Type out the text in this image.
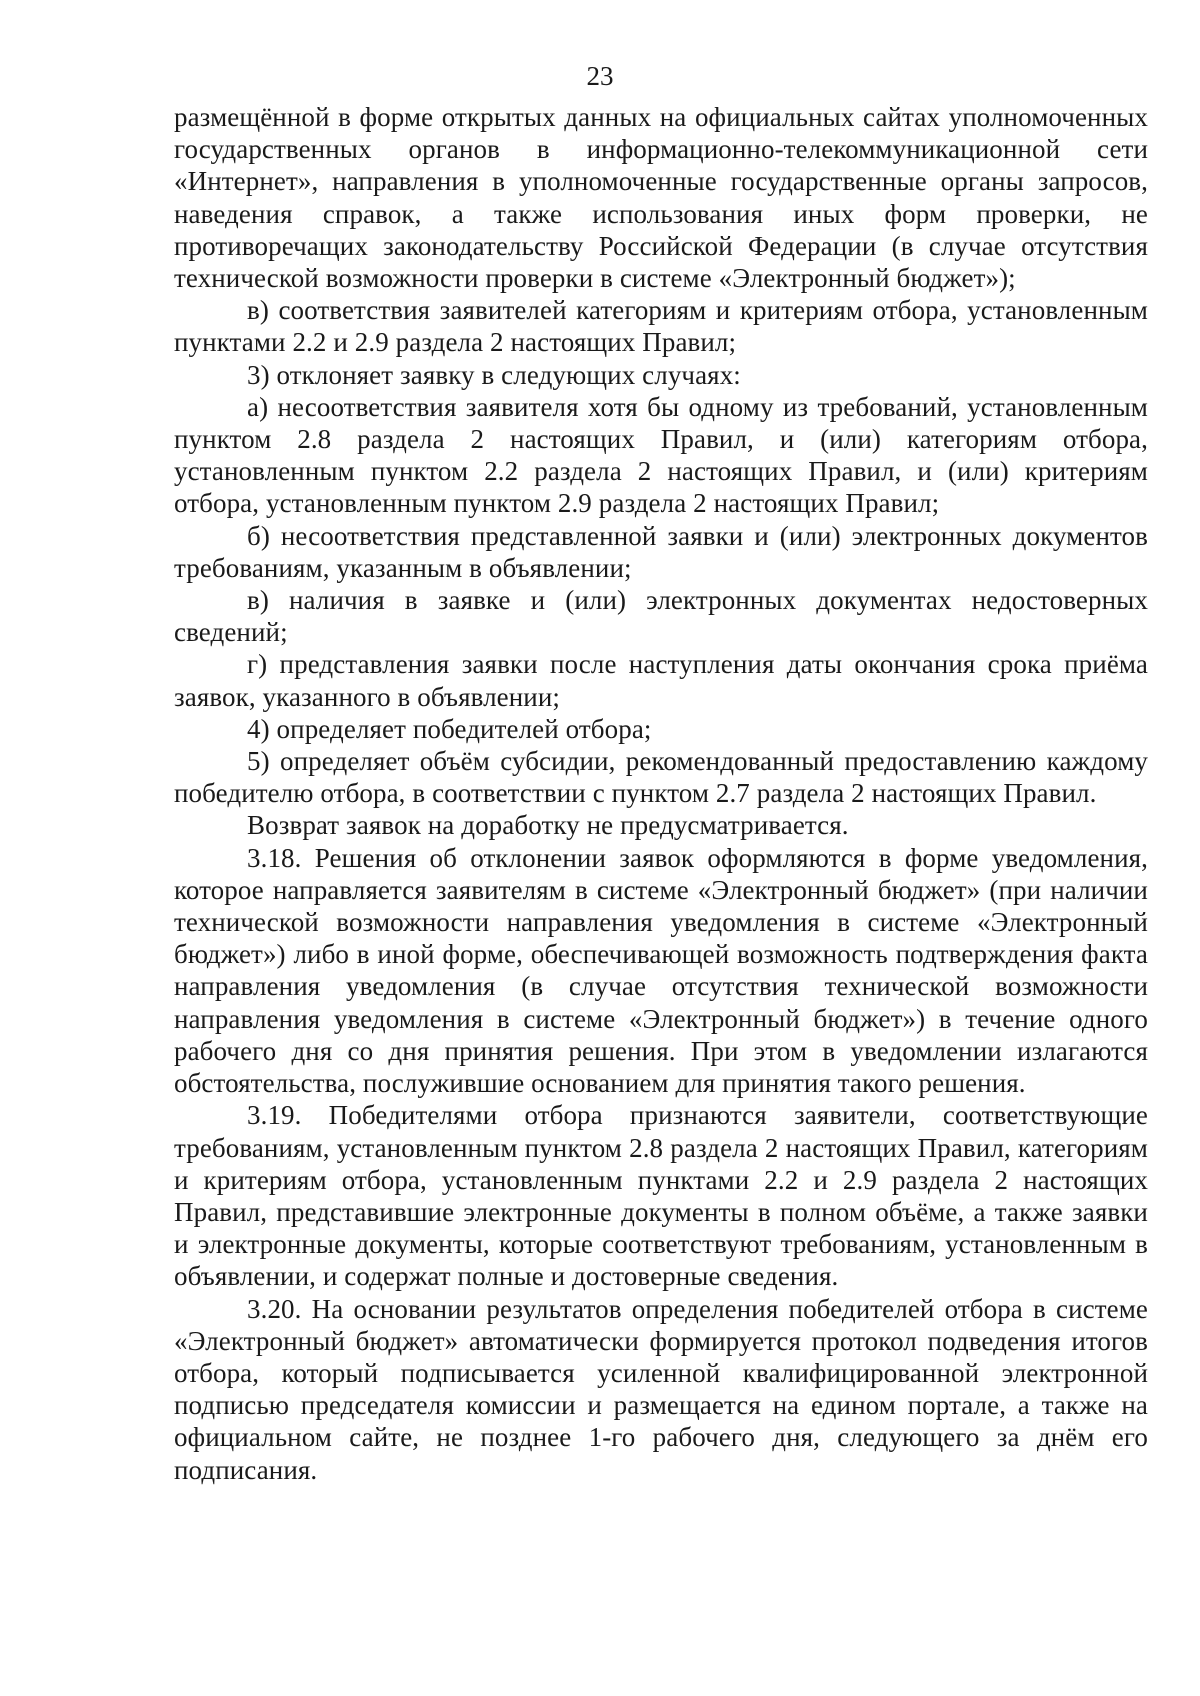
23

размещённой в форме открытых данных на официальных сайтах уполномоченных государственных органов в информационно-телекоммуникационной сети «Интернет», направления в уполномоченные государственные органы запросов, наведения справок, а также использования иных форм проверки, не противоречащих законодательству Российской Федерации (в случае отсутствия технической возможности проверки в системе «Электронный бюджет»);

в) соответствия заявителей категориям и критериям отбора, установленным пунктами 2.2 и 2.9 раздела 2 настоящих Правил;

3) отклоняет заявку в следующих случаях:

а) несоответствия заявителя хотя бы одному из требований, установленным пунктом 2.8 раздела 2 настоящих Правил, и (или) категориям отбора, установленным пунктом 2.2 раздела 2 настоящих Правил, и (или) критериям отбора, установленным пунктом 2.9 раздела 2 настоящих Правил;

б) несоответствия представленной заявки и (или) электронных документов требованиям, указанным в объявлении;

в) наличия в заявке и (или) электронных документах недостоверных сведений;

г) представления заявки после наступления даты окончания срока приёма заявок, указанного в объявлении;

4) определяет победителей отбора;

5) определяет объём субсидии, рекомендованный предоставлению каждому победителю отбора, в соответствии с пунктом 2.7 раздела 2 настоящих Правил.

Возврат заявок на доработку не предусматривается.

3.18. Решения об отклонении заявок оформляются в форме уведомления, которое направляется заявителям в системе «Электронный бюджет» (при наличии технической возможности направления уведомления в системе «Электронный бюджет») либо в иной форме, обеспечивающей возможность подтверждения факта направления уведомления (в случае отсутствия технической возможности направления уведомления в системе «Электронный бюджет») в течение одного рабочего дня со дня принятия решения. При этом в уведомлении излагаются обстоятельства, послужившие основанием для принятия такого решения.

3.19. Победителями отбора признаются заявители, соответствующие требованиям, установленным пунктом 2.8 раздела 2 настоящих Правил, категориям и критериям отбора, установленным пунктами 2.2 и 2.9 раздела 2 настоящих Правил, представившие электронные документы в полном объёме, а также заявки и электронные документы, которые соответствуют требованиям, установленным в объявлении, и содержат полные и достоверные сведения.

3.20. На основании результатов определения победителей отбора в системе «Электронный бюджет» автоматически формируется протокол подведения итогов отбора, который подписывается усиленной квалифицированной электронной подписью председателя комиссии и размещается на едином портале, а также на официальном сайте, не позднее 1-го рабочего дня, следующего за днём его подписания.
